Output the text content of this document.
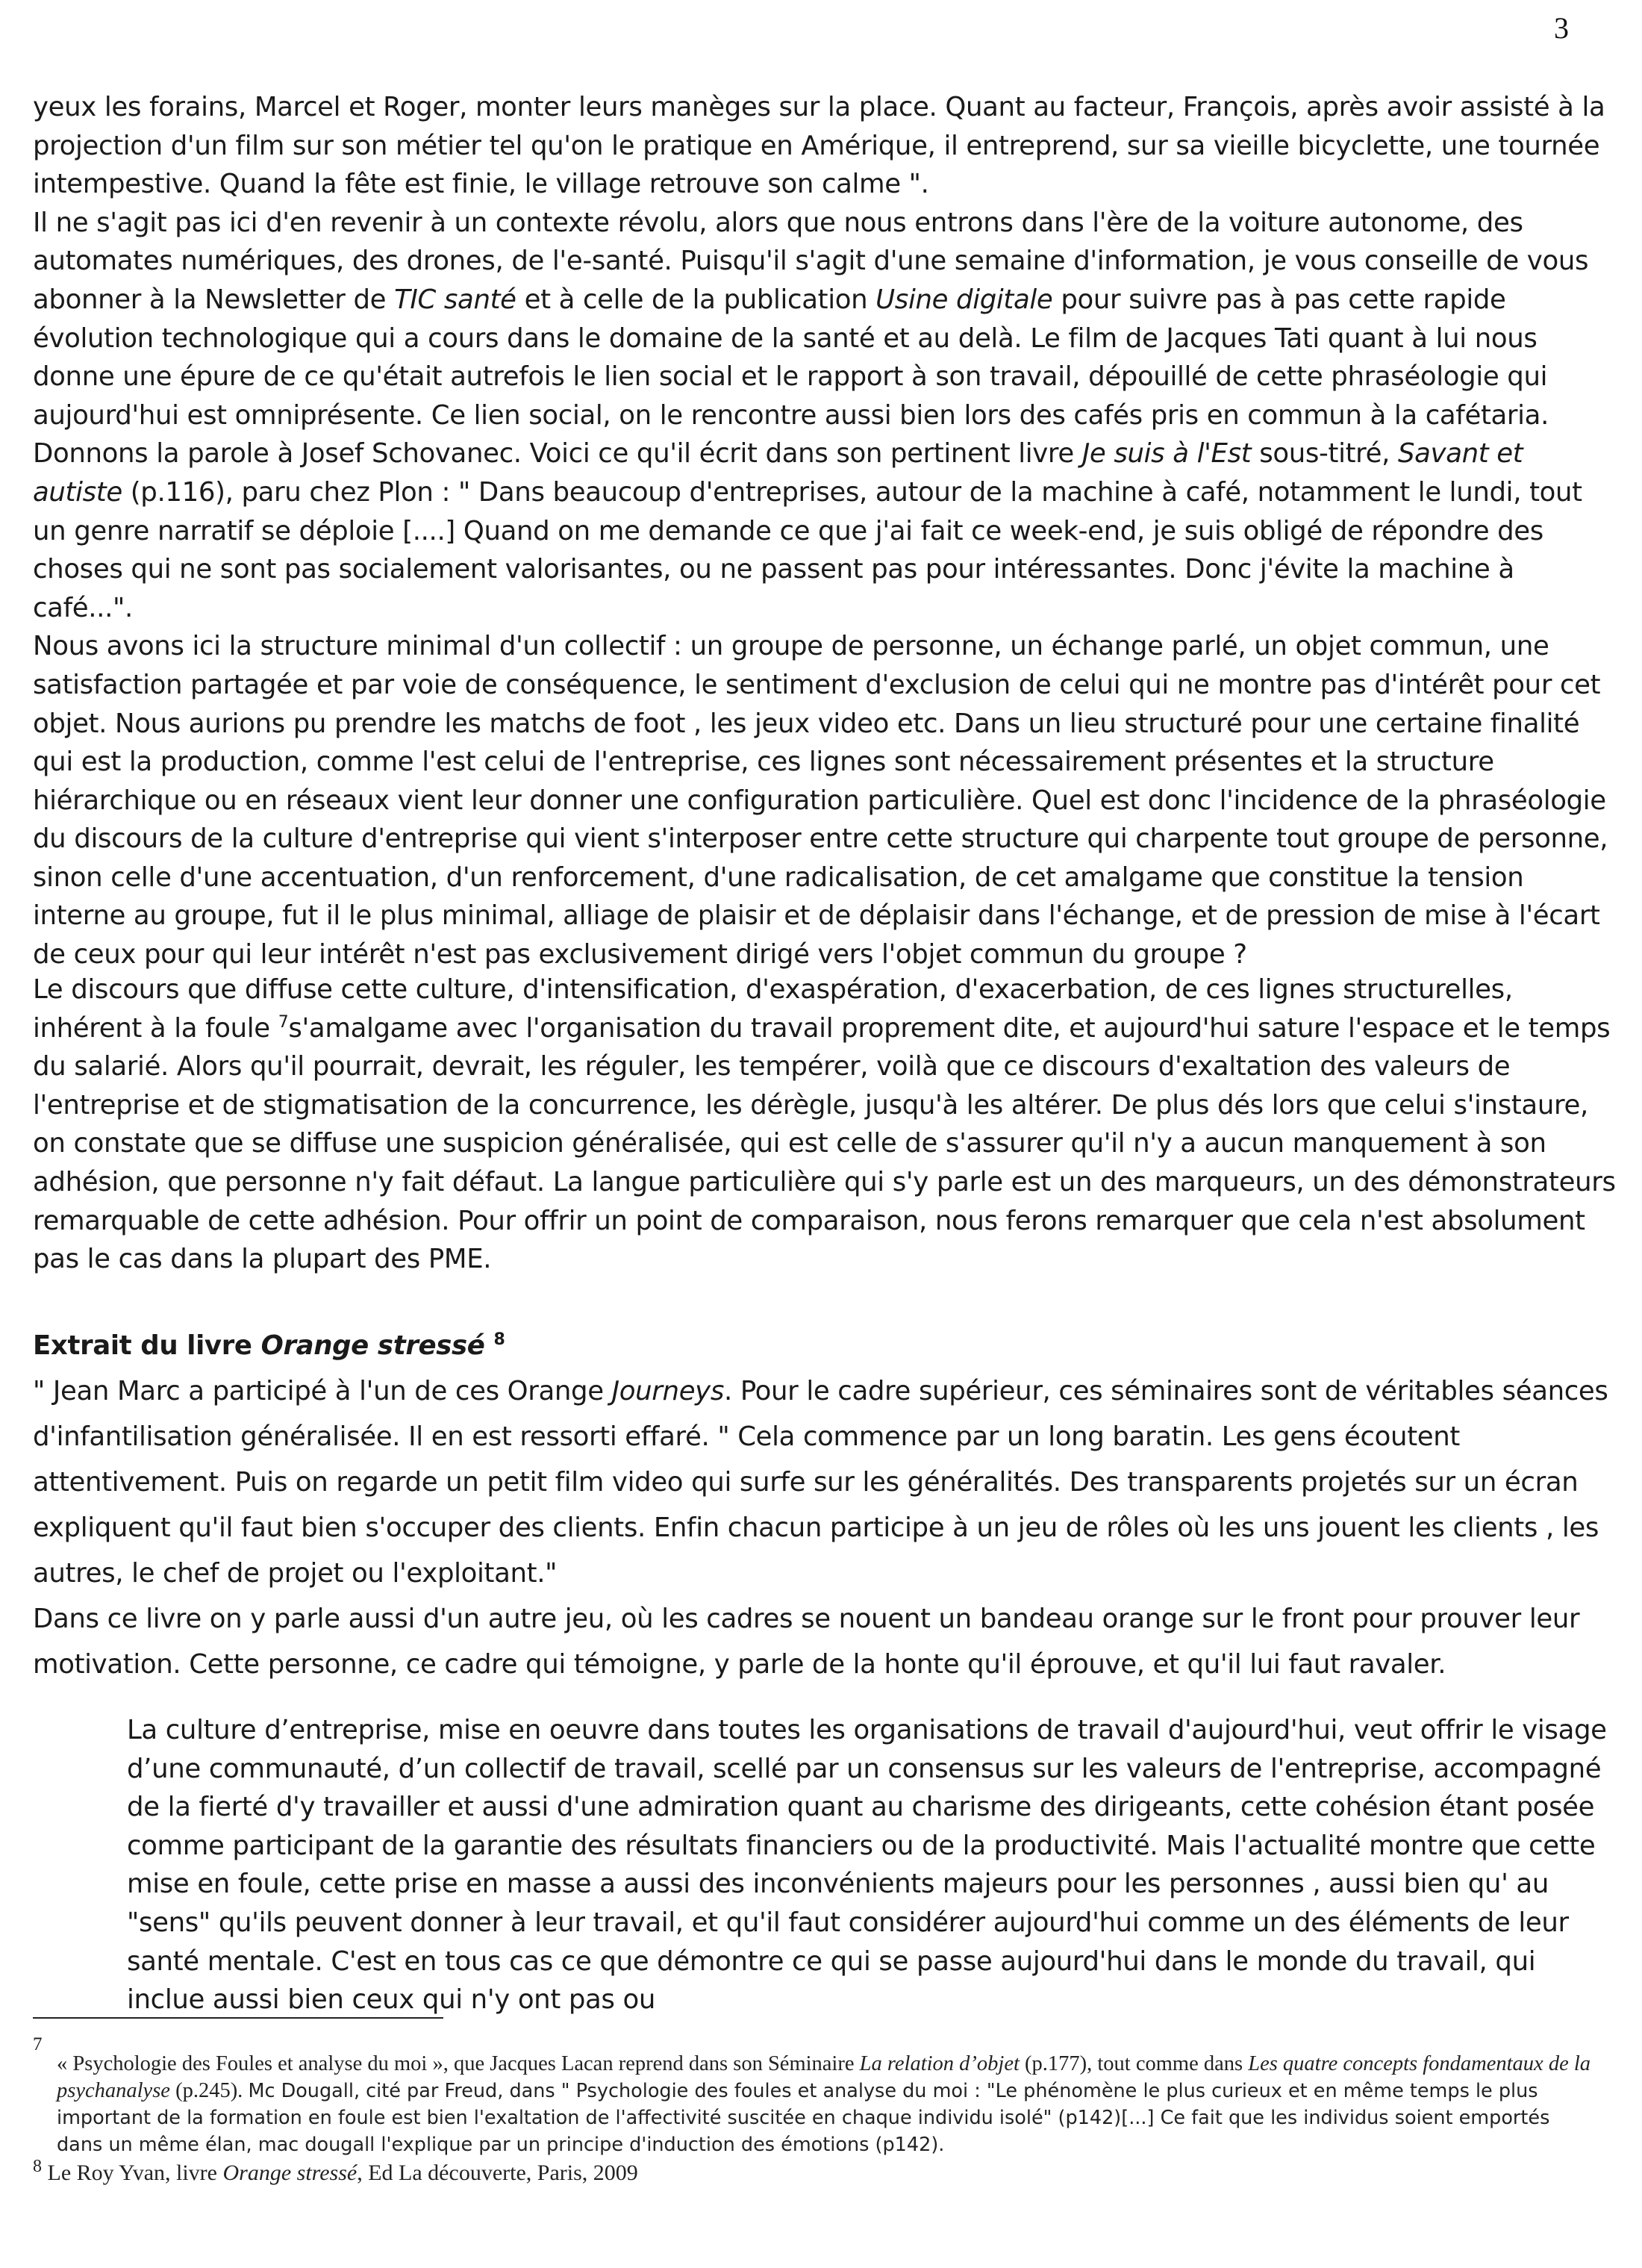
3

yeux les forains, Marcel et Roger, monter leurs manèges sur la place. Quant au facteur, François, après avoir assisté à la projection d'un film sur son métier tel qu'on le pratique en Amérique, il entreprend, sur sa vieille bicyclette, une tournée intempestive. Quand la fête est finie, le village retrouve son calme ".

Il ne s'agit pas ici d'en revenir à un contexte révolu, alors que nous entrons dans l'ère de la voiture autonome, des automates numériques, des drones, de l'e-santé. Puisqu'il s'agit d'une semaine d'information, je vous conseille de vous abonner à la Newsletter de TIC santé et à celle de la publication Usine digitale pour suivre pas à pas cette rapide évolution technologique qui a cours dans le domaine de la santé et au delà. Le film de Jacques Tati quant à lui nous donne une épure de ce qu'était autrefois le lien social et le rapport à son travail, dépouillé de cette phraséologie qui aujourd'hui est omniprésente. Ce lien social, on le rencontre aussi bien lors des cafés pris en commun à la cafétaria. Donnons la parole à Josef Schovanec. Voici ce qu'il écrit dans son pertinent livre Je suis à l'Est sous-titré, Savant et autiste (p.116), paru chez Plon : " Dans beaucoup d'entreprises, autour de la machine à café, notamment le lundi, tout un genre narratif se déploie [....] Quand on me demande ce que j'ai fait ce week-end, je suis obligé de répondre des choses qui ne sont pas socialement valorisantes, ou ne passent pas pour intéressantes. Donc j'évite la machine à café...".

Nous avons ici la structure minimal d'un collectif : un groupe de personne, un échange parlé, un objet commun, une satisfaction partagée et par voie de conséquence, le sentiment d'exclusion de celui qui ne montre pas d'intérêt pour cet objet. Nous aurions pu prendre les matchs de foot , les jeux video etc. Dans un lieu structuré pour une certaine finalité qui est la production, comme l'est celui de l'entreprise, ces lignes sont nécessairement présentes et la structure hiérarchique ou en réseaux vient leur donner une configuration particulière. Quel est donc l'incidence de la phraséologie du discours de la culture d'entreprise qui vient s'interposer entre cette structure qui charpente tout groupe de personne, sinon celle d'une accentuation, d'un renforcement, d'une radicalisation, de cet amalgame que constitue la tension interne au groupe, fut il le plus minimal, alliage de plaisir et de déplaisir dans l'échange, et de pression de mise à l'écart de ceux pour qui leur intérêt n'est pas exclusivement dirigé vers l'objet commun du groupe ?

Le discours que diffuse cette culture, d'intensification, d'exaspération, d'exacerbation, de ces lignes structurelles, inhérent à la foule $^7$s'amalgame avec l'organisation du travail proprement dite, et aujourd'hui sature l'espace et le temps du salarié. Alors qu'il pourrait, devrait, les réguler, les tempérer, voilà que ce discours d'exaltation des valeurs de l'entreprise et de stigmatisation de la concurrence, les dérègle, jusqu'à les altérer. De plus dés lors que celui s'instaure, on constate que se diffuse une suspicion généralisée, qui est celle de s'assurer qu'il n'y a aucun manquement à son adhésion, que personne n'y fait défaut. La langue particulière qui s'y parle est un des marqueurs, un des démonstrateurs remarquable de cette adhésion. Pour offrir un point de comparaison, nous ferons remarquer que cela n'est absolument pas le cas dans la plupart des PME.

Extrait du livre Orange stressé $^8$

" Jean Marc a participé à l'un de ces Orange Journeys. Pour le cadre supérieur, ces séminaires sont de véritables séances d'infantilisation généralisée. Il en est ressorti effaré. " Cela commence par un long baratin. Les gens écoutent attentivement. Puis on regarde un petit film video qui surfe sur les généralités. Des transparents projetés sur un écran expliquent qu'il faut bien s'occuper des clients. Enfin chacun participe à un jeu de rôles où les uns jouent les clients , les autres, le chef de projet ou l'exploitant."

Dans ce livre on y parle aussi d'un autre jeu, où les cadres se nouent un bandeau orange sur le front pour prouver leur motivation. Cette personne, ce cadre qui témoigne, y parle de la honte qu'il éprouve, et qu'il lui faut ravaler.

La culture d’entreprise, mise en oeuvre dans toutes les organisations de travail d'aujourd'hui, veut offrir le visage d’une communauté, d’un collectif de travail, scellé par un consensus sur les valeurs de l'entreprise, accompagné de la fierté d'y travailler et aussi d'une admiration quant au charisme des dirigeants, cette cohésion étant posée comme participant de la garantie des résultats financiers ou de la productivité. Mais l'actualité montre que cette mise en foule, cette prise en masse a aussi des inconvénients majeurs pour les personnes , aussi bien qu' au "sens" qu'ils peuvent donner à leur travail, et qu'il faut considérer aujourd'hui comme un des éléments de leur santé mentale. C'est en tous cas ce que démontre ce qui se passe aujourd'hui dans le monde du travail, qui inclue aussi bien ceux qui n'y ont pas ou

7
« Psychologie des Foules et analyse du moi », que Jacques Lacan reprend dans son Séminaire La relation d’objet (p.177), tout comme dans Les quatre concepts fondamentaux de la psychanalyse (p.245). Mc Dougall, cité par Freud, dans " Psychologie des foules et analyse du moi : "Le phénomène le plus curieux et en même temps le plus important de la formation en foule est bien l'exaltation de l'affectivité suscitée en chaque individu isolé" (p142)[...] Ce fait que les individus soient emportés dans un même élan, mac dougall l'explique par un principe d'induction des émotions (p142).
$^8$ Le Roy Yvan, livre Orange stressé, Ed La découverte, Paris, 2009
